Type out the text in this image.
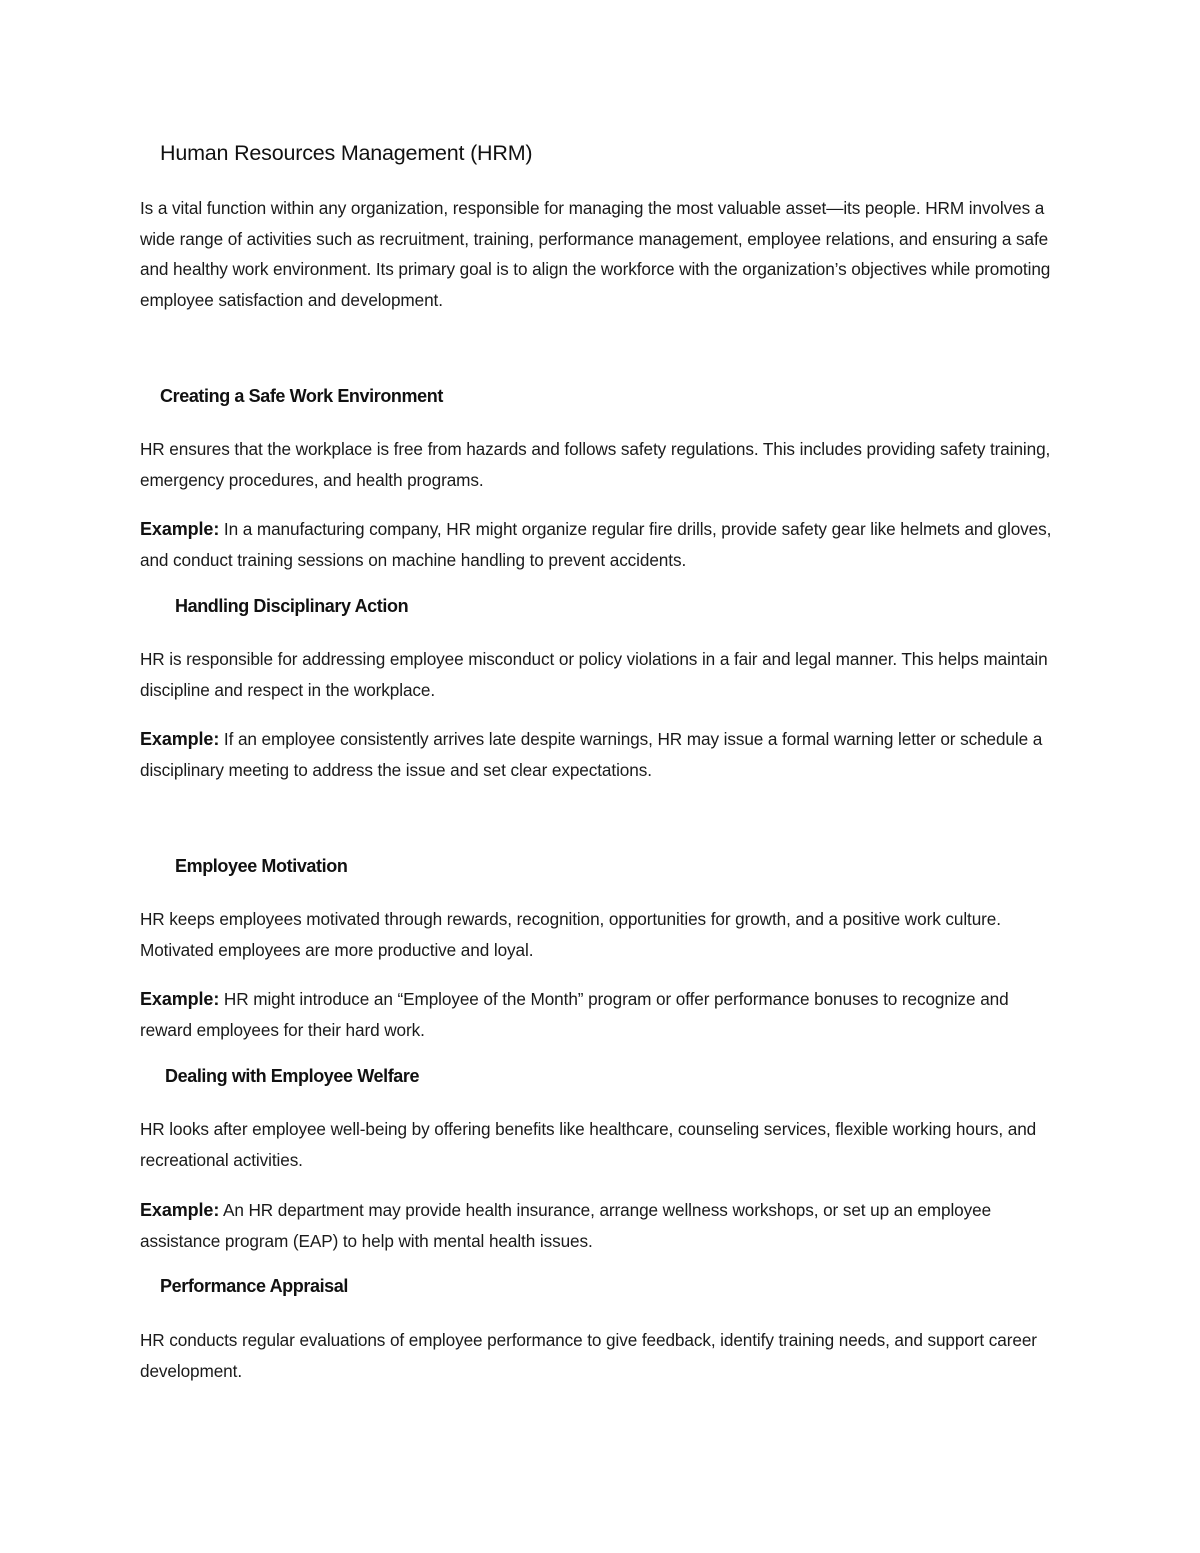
Human Resources Management (HRM)

Is a vital function within any organization, responsible for managing the most valuable asset—its people. HRM involves a wide range of activities such as recruitment, training, performance management, employee relations, and ensuring a safe and healthy work environment. Its primary goal is to align the workforce with the organization’s objectives while promoting employee satisfaction and development.

Creating a Safe Work Environment

HR ensures that the workplace is free from hazards and follows safety regulations. This includes providing safety training, emergency procedures, and health programs.

Example: In a manufacturing company, HR might organize regular fire drills, provide safety gear like helmets and gloves, and conduct training sessions on machine handling to prevent accidents.

Handling Disciplinary Action

HR is responsible for addressing employee misconduct or policy violations in a fair and legal manner. This helps maintain discipline and respect in the workplace.

Example: If an employee consistently arrives late despite warnings, HR may issue a formal warning letter or schedule a disciplinary meeting to address the issue and set clear expectations.

Employee Motivation

HR keeps employees motivated through rewards, recognition, opportunities for growth, and a positive work culture. Motivated employees are more productive and loyal.

Example: HR might introduce an “Employee of the Month” program or offer performance bonuses to recognize and reward employees for their hard work.

Dealing with Employee Welfare

HR looks after employee well-being by offering benefits like healthcare, counseling services, flexible working hours, and recreational activities.

Example: An HR department may provide health insurance, arrange wellness workshops, or set up an employee assistance program (EAP) to help with mental health issues.

Performance Appraisal

HR conducts regular evaluations of employee performance to give feedback, identify training needs, and support career development.
